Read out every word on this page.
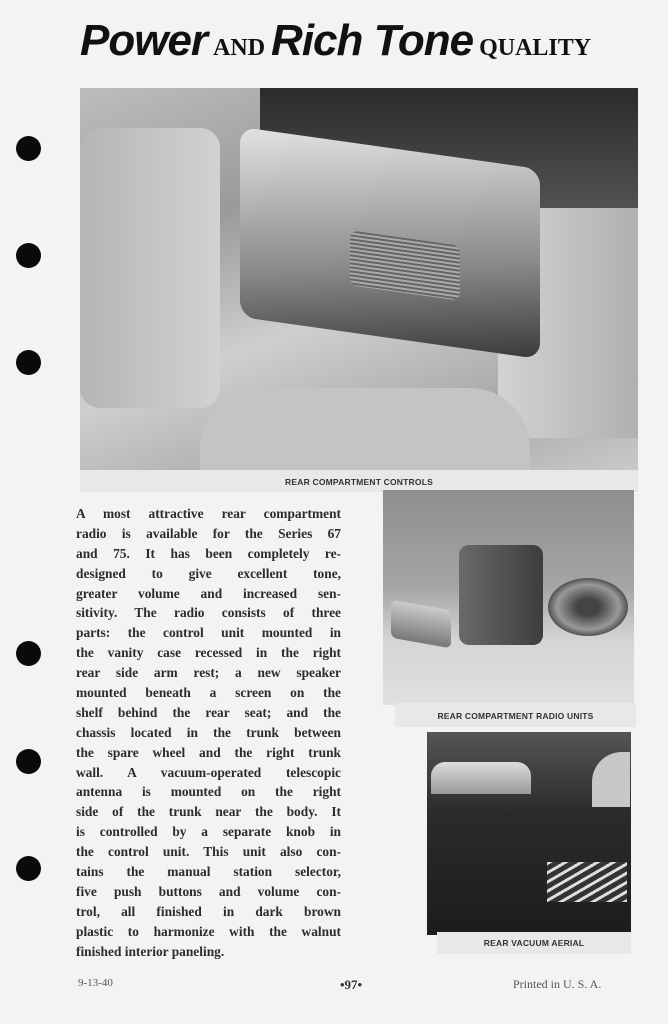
Power AND Rich Tone QUALITY
REAR COMPARTMENT CONTROLS
A most attractive rear compartment
radio is available for the Series 67
and 75. It has been completely re-
designed to give excellent tone,
greater volume and increased sen-
sitivity. The radio consists of three
parts: the control unit mounted in
the vanity case recessed in the right
rear side arm rest; a new speaker
mounted beneath a screen on the
shelf behind the rear seat; and the
chassis located in the trunk between
the spare wheel and the right trunk
wall. A vacuum-operated telescopic
antenna is mounted on the right
side of the trunk near the body. It
is controlled by a separate knob in
the control unit. This unit also con-
tains the manual station selector,
five push buttons and volume con-
trol, all finished in dark brown
plastic to harmonize with the walnut
finished interior paneling.
REAR COMPARTMENT RADIO UNITS
REAR VACUUM AERIAL
9-13-40	•97•	Printed in U. S. A.
